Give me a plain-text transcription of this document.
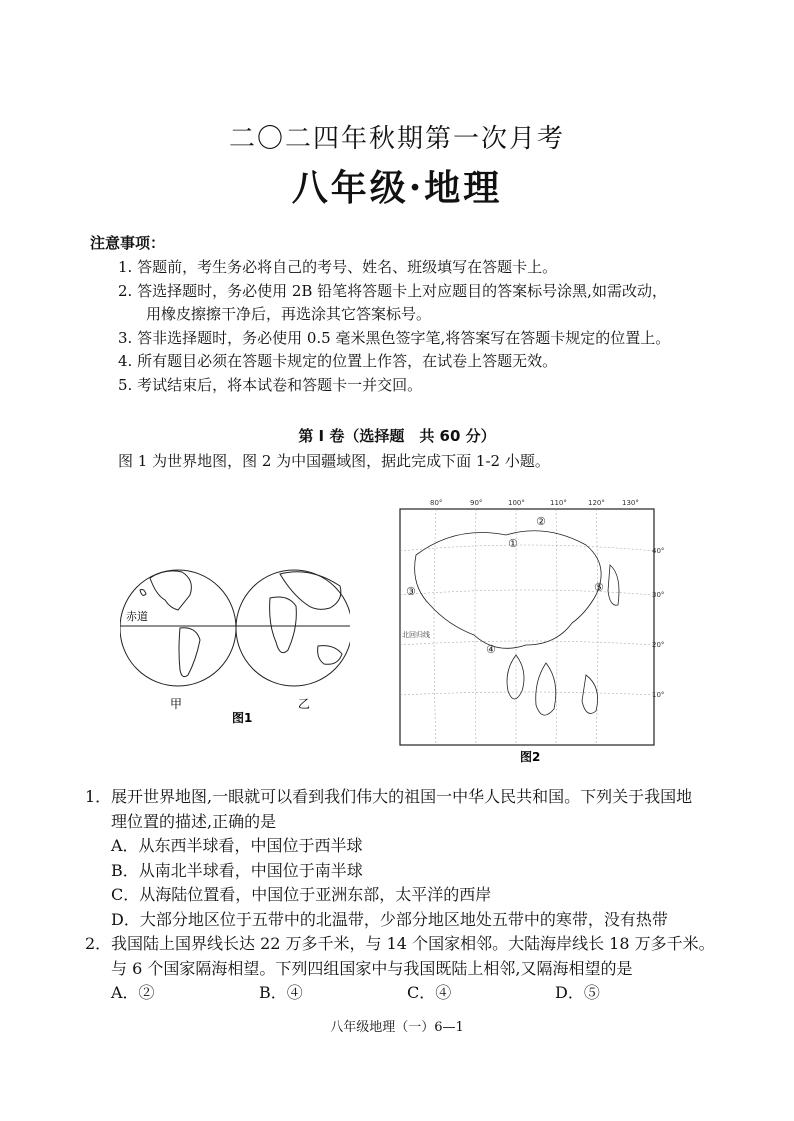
二〇二四年秋期第一次月考
八年级·地理
注意事项：
1. 答题前，考生务必将自己的考号、姓名、班级填写在答题卡上。
2. 答选择题时，务必使用 2B 铅笔将答题卡上对应题目的答案标号涂黑,如需改动，
用橡皮擦擦干净后，再选涂其它答案标号。
3. 答非选择题时，务必使用 0.5 毫米黑色签字笔,将答案写在答题卡规定的位置上。
4. 所有题目必须在答题卡规定的位置上作答，在试卷上答题无效。
5. 考试结束后，将本试卷和答题卡一并交回。
第 Ⅰ 卷（选择题　共 60 分）
图 1 为世界地图，图 2 为中国疆域图，据此完成下面 1-2 小题。
赤道
甲	乙
图1
80°	90°	100°	110°	120° 130°
40°
30°
20°
10°
北回归线
①
②
③
④
⑤
图2
1．展开世界地图,一眼就可以看到我们伟大的祖国一中华人民共和国。下列关于我国地
理位置的描述,正确的是
A．从东西半球看，中国位于西半球
B．从南北半球看，中国位于南半球
C．从海陆位置看，中国位于亚洲东部，太平洋的西岸
D．大部分地区位于五带中的北温带，少部分地区地处五带中的寒带，没有热带
2．我国陆上国界线长达 22 万多千米，与 14 个国家相邻。大陆海岸线长 18 万多千米。
与 6 个国家隔海相望。下列四组国家中与我国既陆上相邻,又隔海相望的是
A．②	B．④	C．④	D．⑤
八年级地理（一）6—1
